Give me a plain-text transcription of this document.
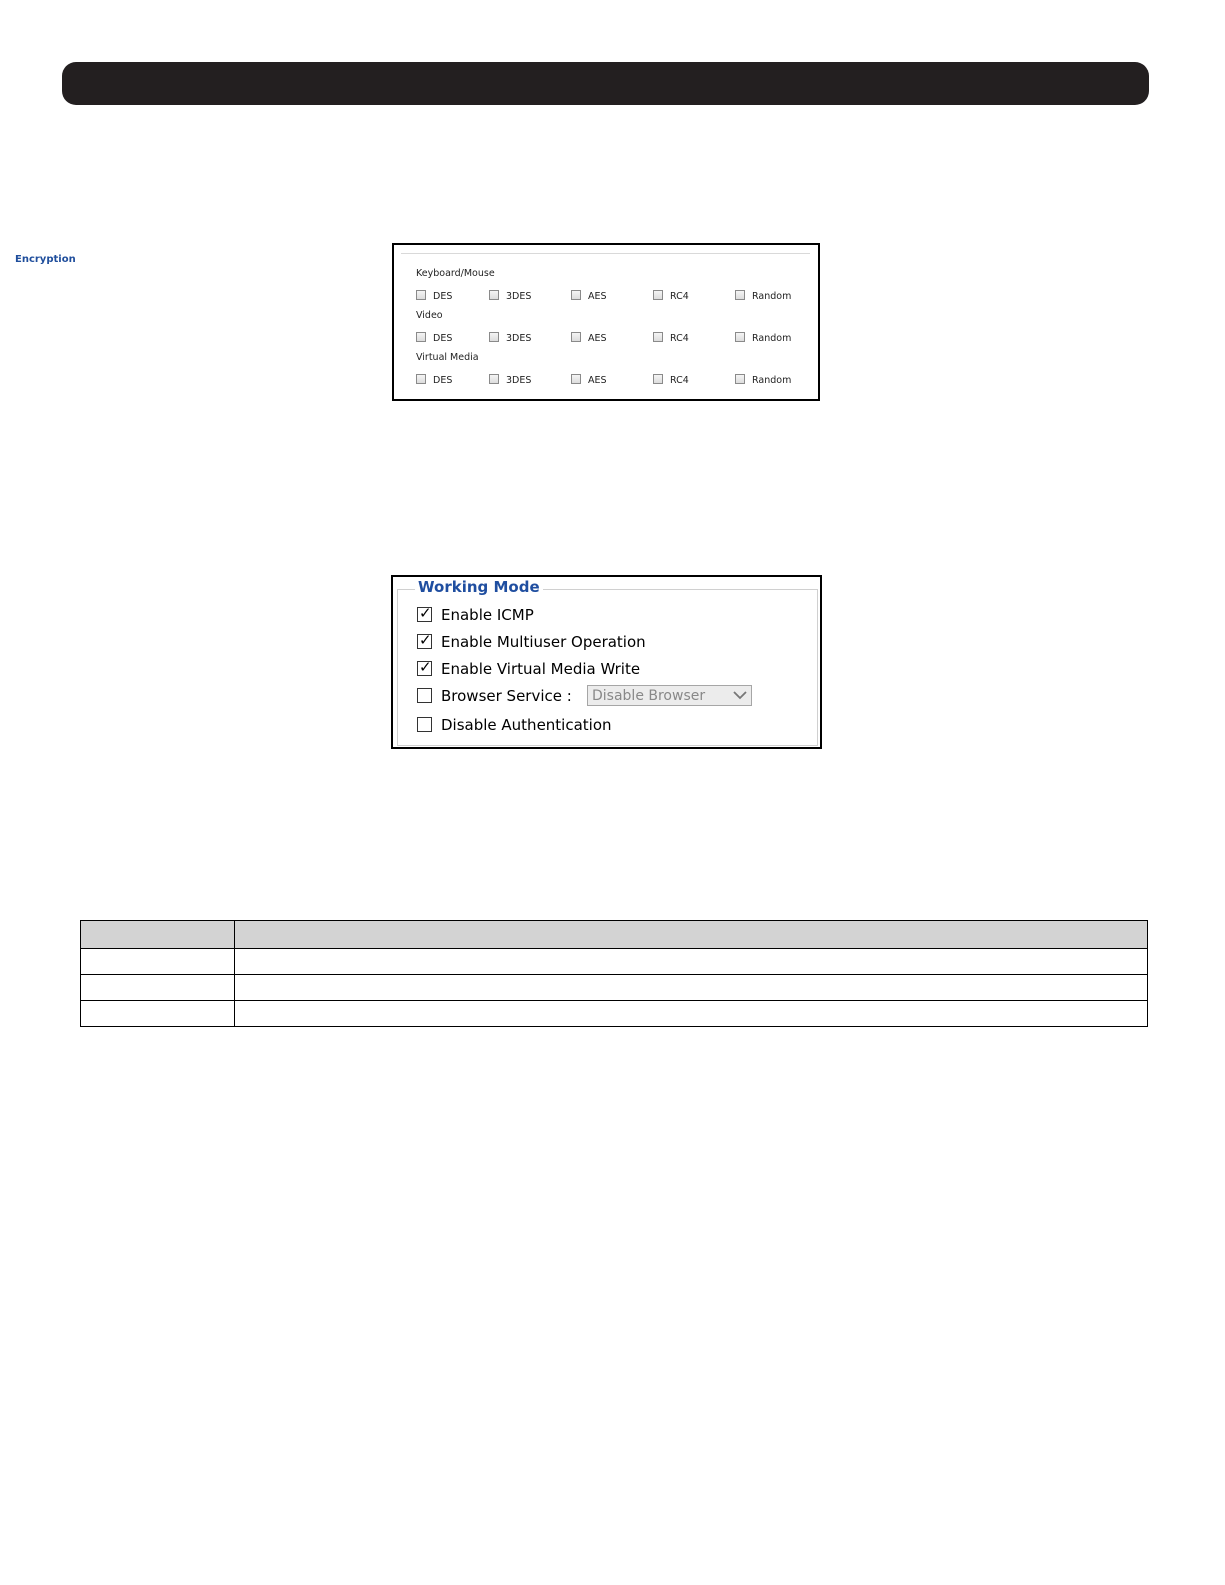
Encryption
Keyboard/Mouse
DES	3DES	AES	RC4	Random
Video
DES	3DES	AES	RC4	Random
Virtual Media
DES	3DES	AES	RC4	Random
Working Mode
✓ Enable ICMP
✓ Enable Multiuser Operation
✓ Enable Virtual Media Write
Browser Service : Disable Browser
Disable Authentication
